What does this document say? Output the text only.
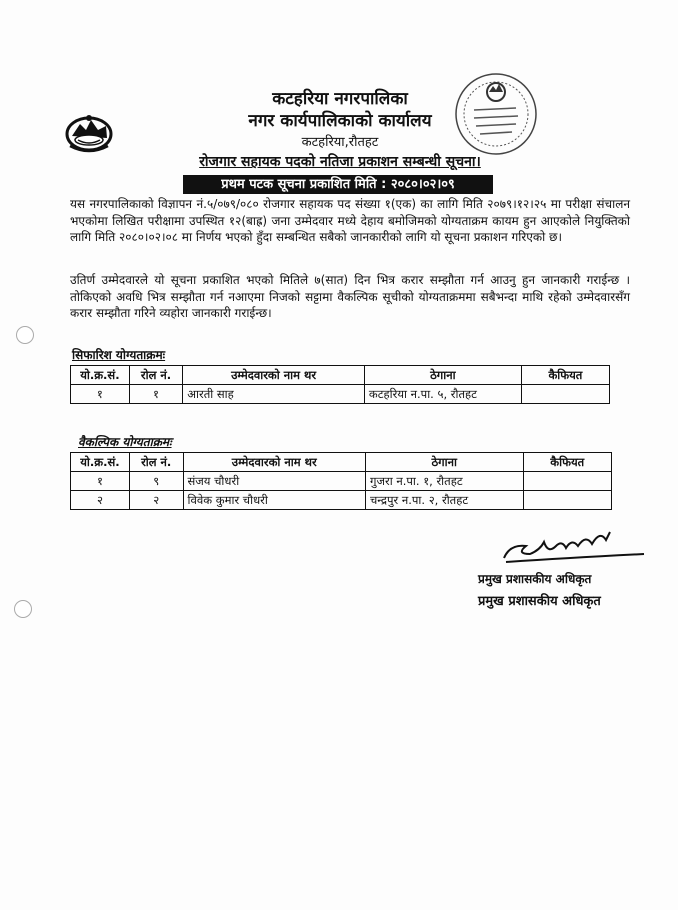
कटहरिया नगरपालिका
नगर कार्यपालिकाको कार्यालय
कटहरिया,रौतहट
रोजगार सहायक पदको नतिजा प्रकाशन सम्बन्धी सूचना।
प्रथम पटक सूचना प्रकाशित मिति : २०८०।०२।०९
यस नगरपालिकाको विज्ञापन नं.५/०७९/०८० रोजगार सहायक पद संख्या १(एक) का लागि मिति २०७९।१२।२५ मा परीक्षा संचालन भएकोमा लिखित परीक्षामा उपस्थित १२(बाह्र) जना उम्मेदवार मध्ये देहाय बमोजिमको योग्यताक्रम कायम हुन आएकोले नियुक्तिको लागि मिति २०८०।०२।०८ मा निर्णय भएको हुँदा सम्बन्धित सबैको जानकारीको लागि यो सूचना प्रकाशन गरिएको छ।
उतिर्ण उम्मेदवारले यो सूचना प्रकाशित भएको मितिले ७(सात) दिन भित्र करार सम्झौता गर्न आउनु हुन जानकारी गराईन्छ । तोकिएको अवधि भित्र सम्झौता गर्न नआएमा निजको सट्टामा वैकल्पिक सूचीको योग्यताक्रममा सबैभन्दा माथि रहेको उम्मेदवारसँग करार सम्झौता गरिने व्यहोरा जानकारी गराईन्छ।
सिफारिश योग्यताक्रमः
यो.क्र.सं.	रोल नं.	उम्मेदवारको नाम थर	ठेगाना	कैफियत
१	१	आरती साह	कटहरिया न.पा. ५, रौतहट	
वैकल्पिक योग्यताक्रमः
यो.क्र.सं.	रोल नं.	उम्मेदवारको नाम थर	ठेगाना	कैफियत
१	९	संजय चौधरी	गुजरा न.पा. १, रौतहट	
२	२	विवेक कुमार चौधरी	चन्द्रपुर न.पा. २, रौतहट	
प्रमुख प्रशासकीय अधिकृत
प्रमुख प्रशासकीय अधिकृत
